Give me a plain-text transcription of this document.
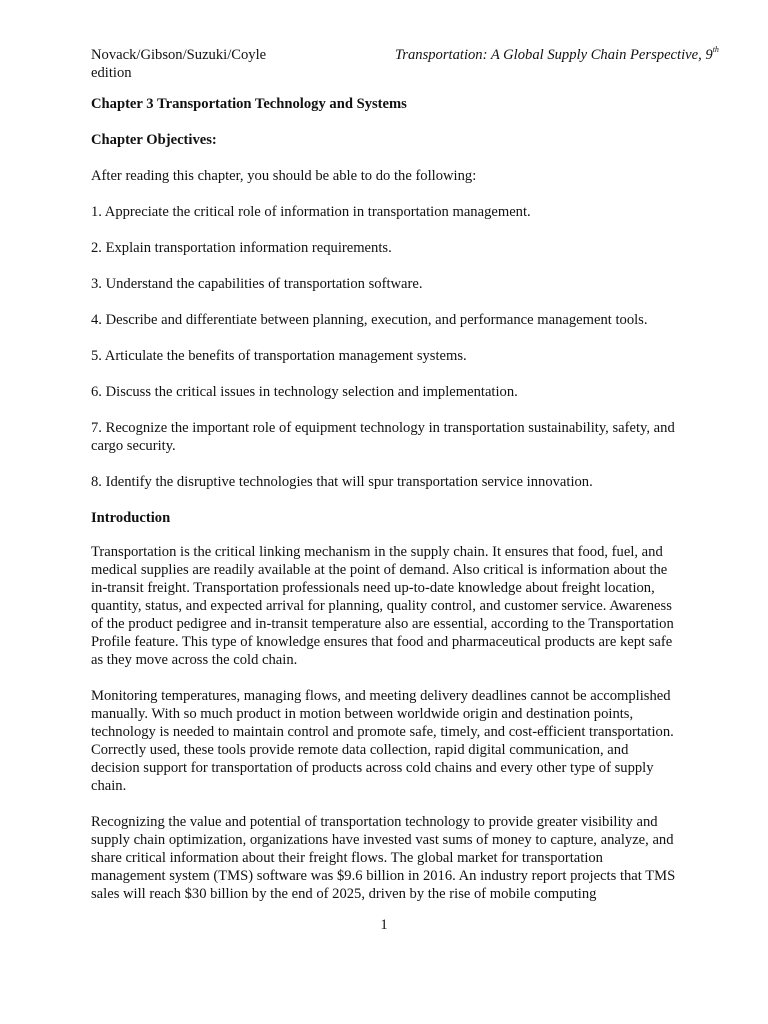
Novack/Gibson/Suzuki/Coyle
edition
Transportation: A Global Supply Chain Perspective, 9th
Chapter 3 Transportation Technology and Systems
Chapter Objectives:

After reading this chapter, you should be able to do the following:

1. Appreciate the critical role of information in transportation management.

2. Explain transportation information requirements.

3. Understand the capabilities of transportation software.

4. Describe and differentiate between planning, execution, and performance management tools.

5. Articulate the benefits of transportation management systems.

6. Discuss the critical issues in technology selection and implementation.

7. Recognize the important role of equipment technology in transportation sustainability, safety, and cargo security.

8. Identify the disruptive technologies that will spur transportation service innovation.

Introduction

Transportation is the critical linking mechanism in the supply chain. It ensures that food, fuel, and medical supplies are readily available at the point of demand. Also critical is information about the in-transit freight. Transportation professionals need up-to-date knowledge about freight location, quantity, status, and expected arrival for planning, quality control, and customer service. Awareness of the product pedigree and in-transit temperature also are essential, according to the Transportation Profile feature. This type of knowledge ensures that food and pharmaceutical products are kept safe as they move across the cold chain.

Monitoring temperatures, managing flows, and meeting delivery deadlines cannot be accomplished manually. With so much product in motion between worldwide origin and destination points, technology is needed to maintain control and promote safe, timely, and cost-efficient transportation. Correctly used, these tools provide remote data collection, rapid digital communication, and decision support for transportation of products across cold chains and every other type of supply chain.

Recognizing the value and potential of transportation technology to provide greater visibility and supply chain optimization, organizations have invested vast sums of money to capture, analyze, and share critical information about their freight flows. The global market for transportation management system (TMS) software was $9.6 billion in 2016. An industry report projects that TMS sales will reach $30 billion by the end of 2025, driven by the rise of mobile computing

1
